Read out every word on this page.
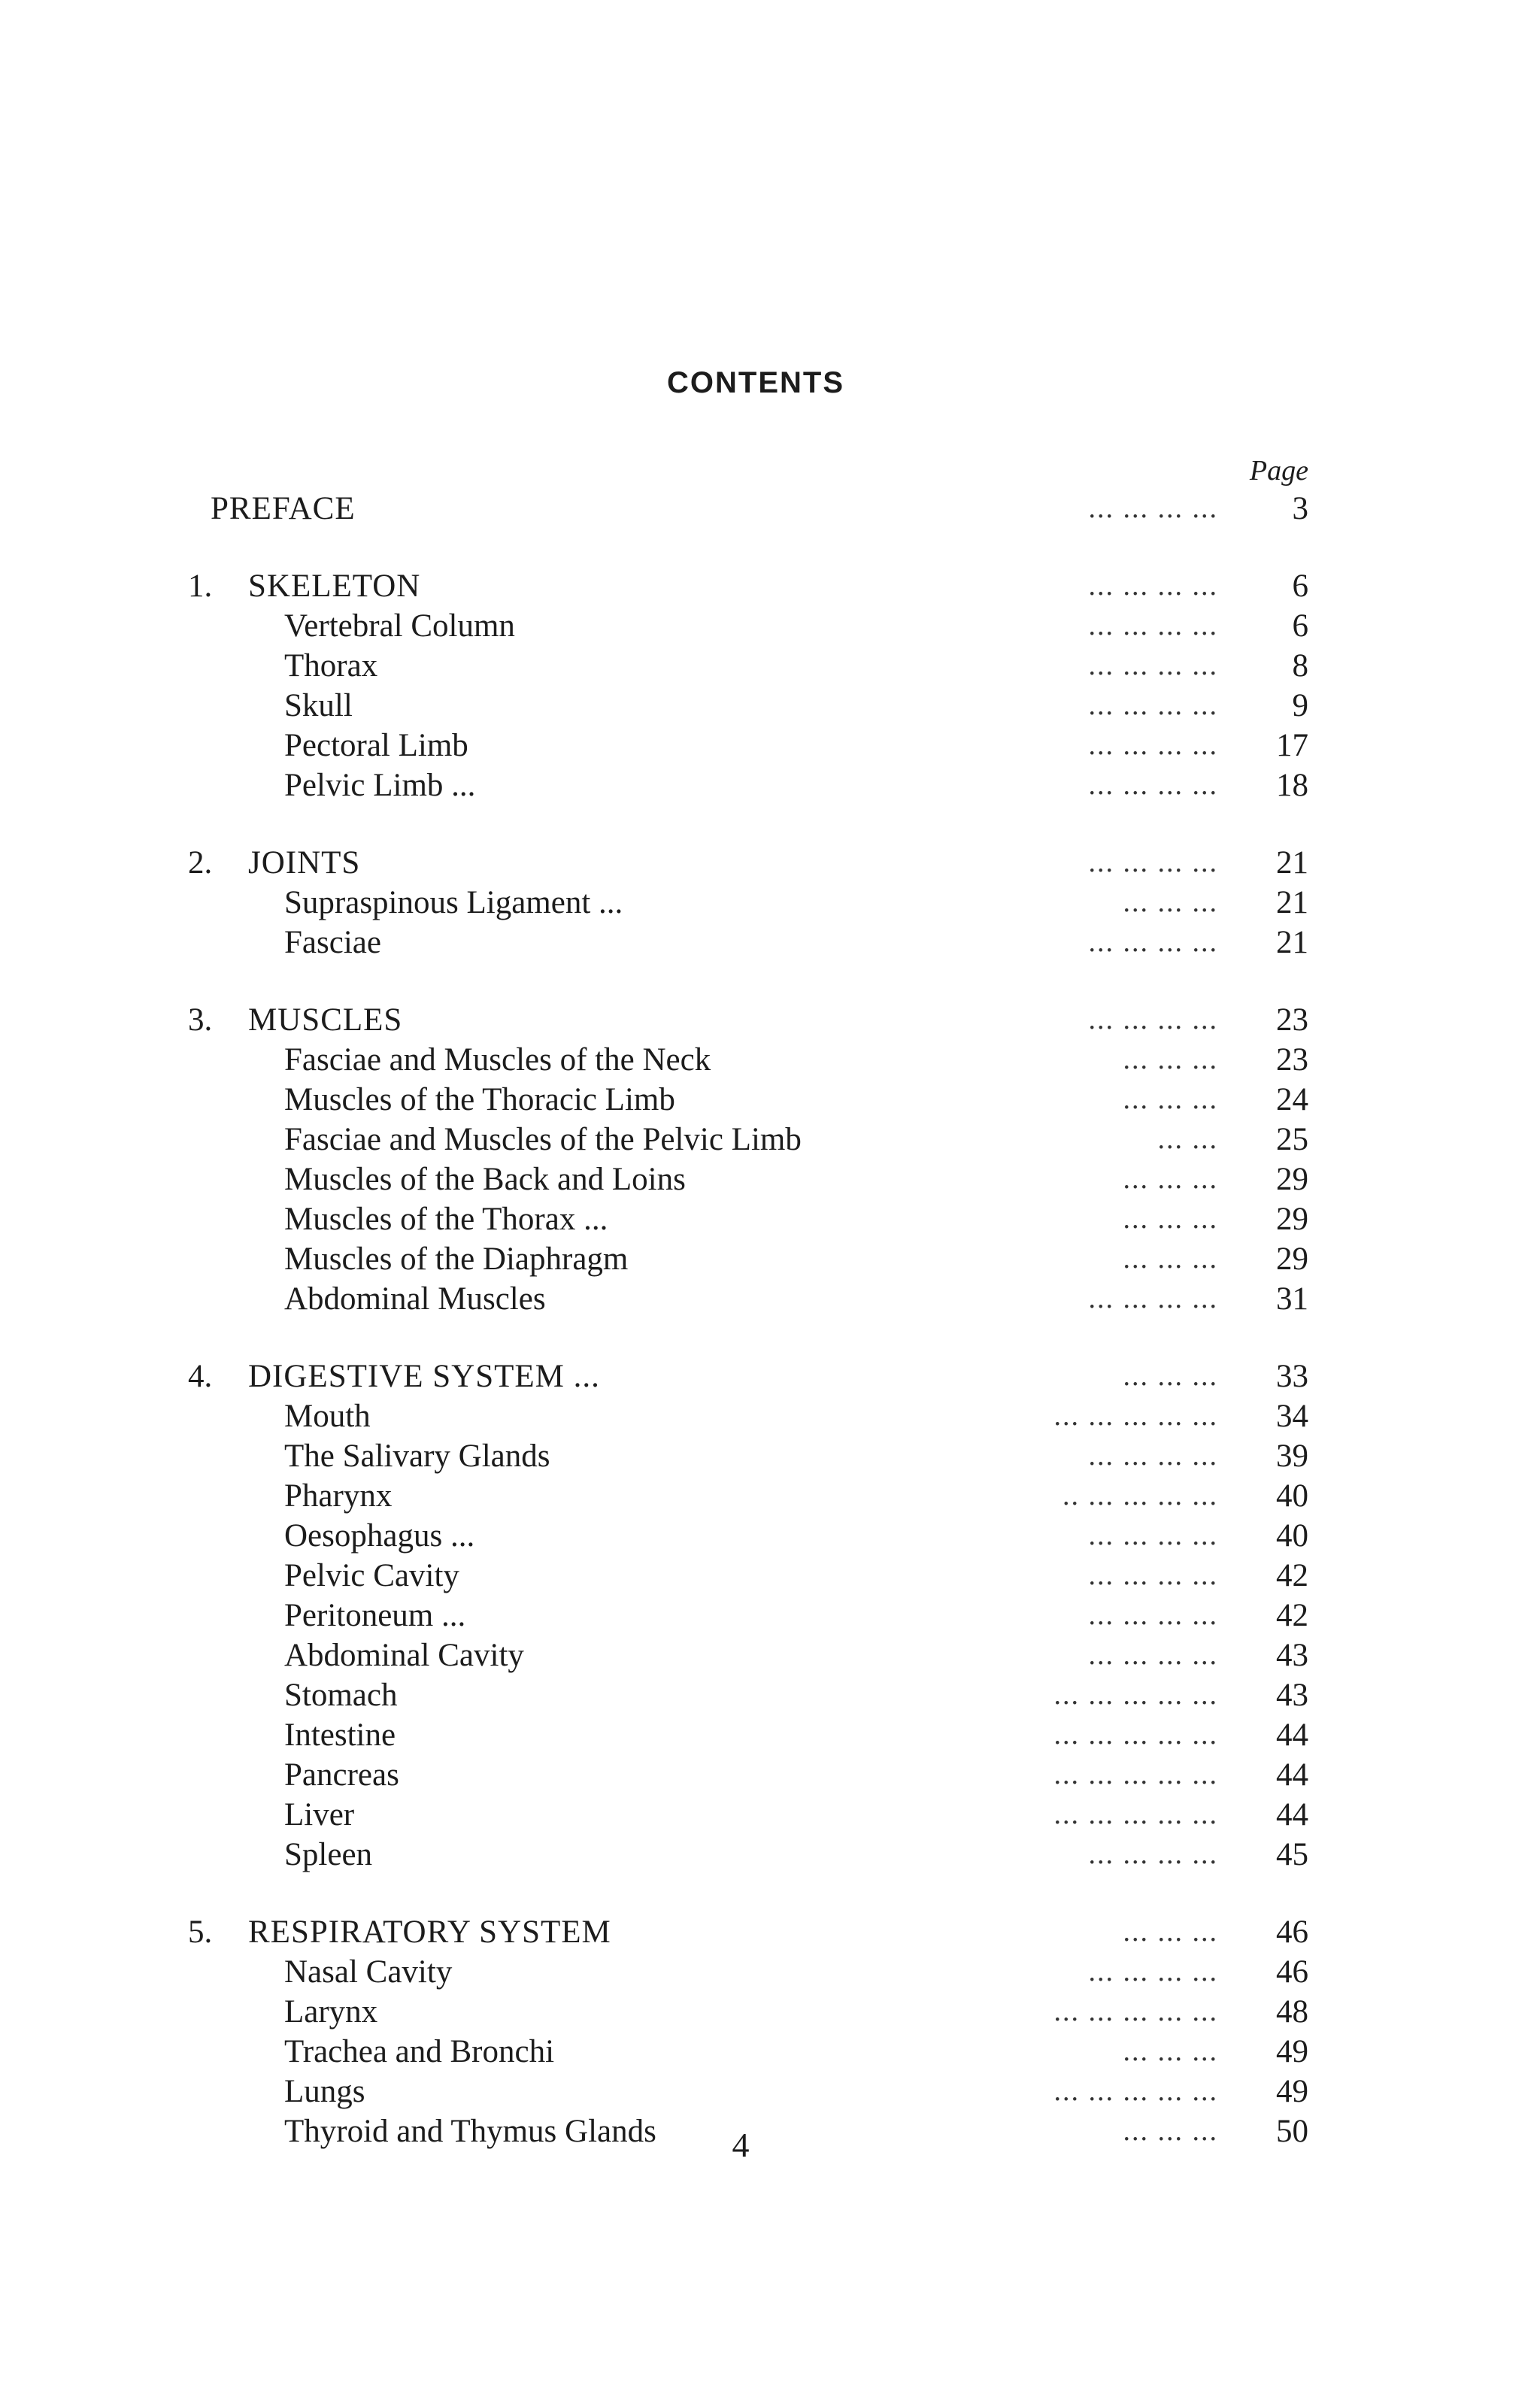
CONTENTS
Page
PREFACE	... ... ... ...	3
1.	SKELETON	... ... ... ...	6
Vertebral Column	... ... ... ...	6
Thorax	... ... ... ...	8
Skull	... ... ... ...	9
Pectoral Limb	... ... ... ...	17
Pelvic Limb ...	... ... ... ...	18
2.	JOINTS	... ... ... ...	21
Supraspinous Ligament ...	... ... ...	21
Fasciae	... ... ... ...	21
3.	MUSCLES	... ... ... ...	23
Fasciae and Muscles of the Neck	... ... ...	23
Muscles of the Thoracic Limb	... ... ...	24
Fasciae and Muscles of the Pelvic Limb	... ...	25
Muscles of the Back and Loins	... ... ...	29
Muscles of the Thorax ...	... ... ...	29
Muscles of the Diaphragm	... ... ...	29
Abdominal Muscles	... ... ... ...	31
4.	DIGESTIVE SYSTEM ...	... ... ...	33
Mouth	... ... ... ... ...	34
The Salivary Glands	... ... ... ...	39
Pharynx	.. ... ... ... ...	40
Oesophagus ...	... ... ... ...	40
Pelvic Cavity	... ... ... ...	42
Peritoneum ...	... ... ... ...	42
Abdominal Cavity	... ... ... ...	43
Stomach	... ... ... ... ...	43
Intestine	... ... ... ... ...	44
Pancreas	... ... ... ... ...	44
Liver	... ... ... ... ...	44
Spleen	... ... ... ...	45
5.	RESPIRATORY SYSTEM	... ... ...	46
Nasal Cavity	... ... ... ...	46
Larynx	... ... ... ... ...	48
Trachea and Bronchi	... ... ...	49
Lungs	... ... ... ... ...	49
Thyroid and Thymus Glands	... ... ...	50
4
